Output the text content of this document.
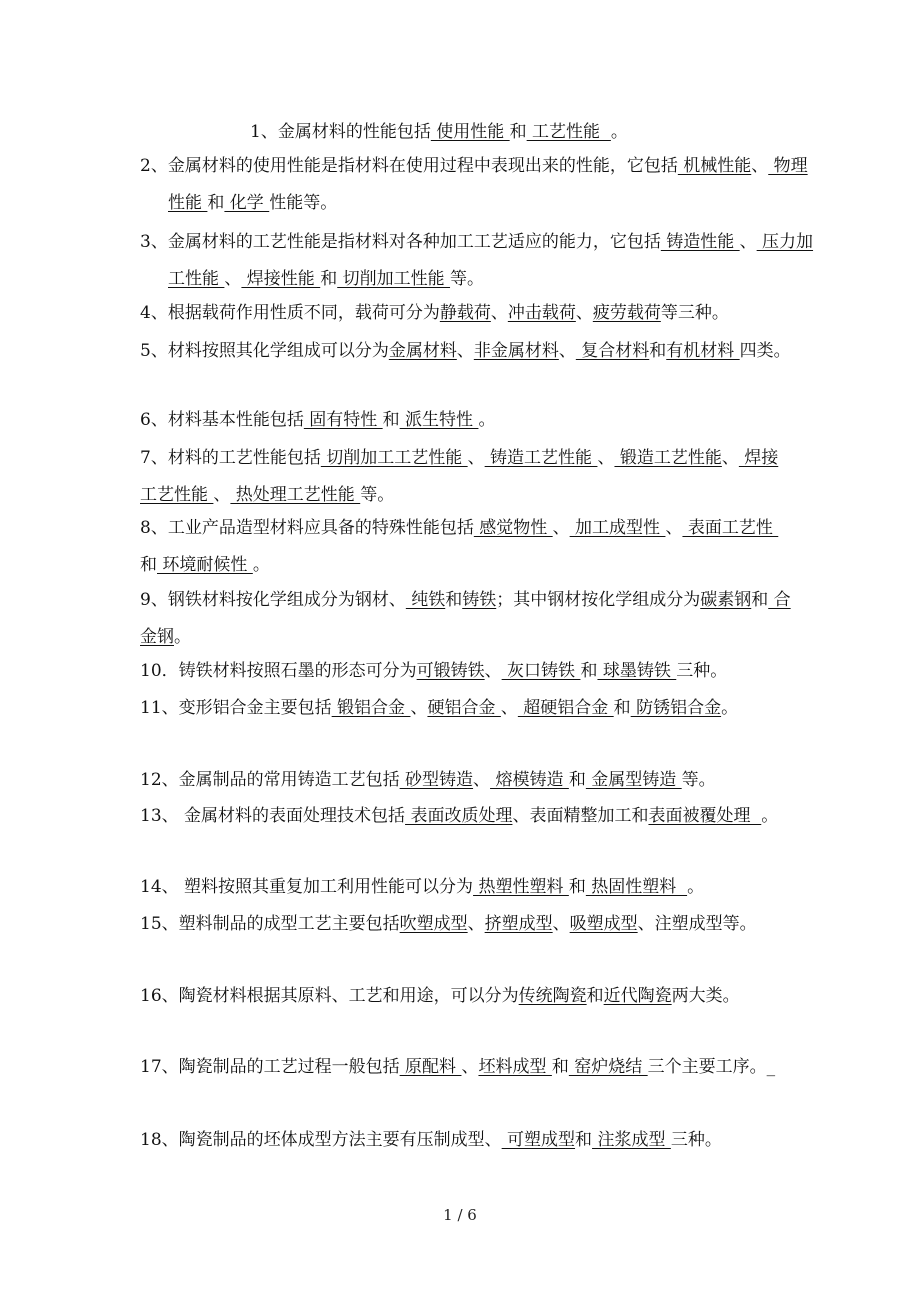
1、金属材料的性能包括 使用性能 和 工艺性能  。

2、金属材料的使用性能是指材料在使用过程中表现出来的性能，它包括 机械性能、 物理性能 和 化学 性能等。

3、金属材料的工艺性能是指材料对各种加工工艺适应的能力，它包括 铸造性能 、 压力加工性能 、 焊接性能 和 切削加工性能 等。

4、根据载荷作用性质不同，载荷可分为静载荷、冲击载荷、疲劳载荷等三种。

5、材料按照其化学组成可以分为金属材料、非金属材料、 复合材料和有机材料 四类。

6、材料基本性能包括 固有特性 和 派生特性 。

7、材料的工艺性能包括 切削加工工艺性能 、 铸造工艺性能 、 锻造工艺性能、 焊接工艺性能 、 热处理工艺性能 等。

8、工业产品造型材料应具备的特殊性能包括 感觉物性 、 加工成型性 、 表面工艺性 和 环境耐候性 。

9、钢铁材料按化学组成分为钢材、 纯铁和铸铁；其中钢材按化学组成分为碳素钢和 合金钢。

10．铸铁材料按照石墨的形态可分为可锻铸铁、 灰口铸铁 和 球墨铸铁 三种。

11、变形铝合金主要包括 锻铝合金 、硬铝合金 、 超硬铝合金 和 防锈铝合金。

12、金属制品的常用铸造工艺包括 砂型铸造、 熔模铸造 和 金属型铸造 等。

13、 金属材料的表面处理技术包括 表面改质处理、表面精整加工和表面被覆处理  。

14、 塑料按照其重复加工利用性能可以分为 热塑性塑料 和 热固性塑料  。

15、塑料制品的成型工艺主要包括吹塑成型、挤塑成型、吸塑成型、注塑成型等。

16、陶瓷材料根据其原料、工艺和用途，可以分为传统陶瓷和近代陶瓷两大类。

17、陶瓷制品的工艺过程一般包括 原配料 、坯料成型 和 窑炉烧结 三个主要工序。_

18、陶瓷制品的坯体成型方法主要有压制成型、 可塑成型和 注浆成型 三种。

1 / 6
